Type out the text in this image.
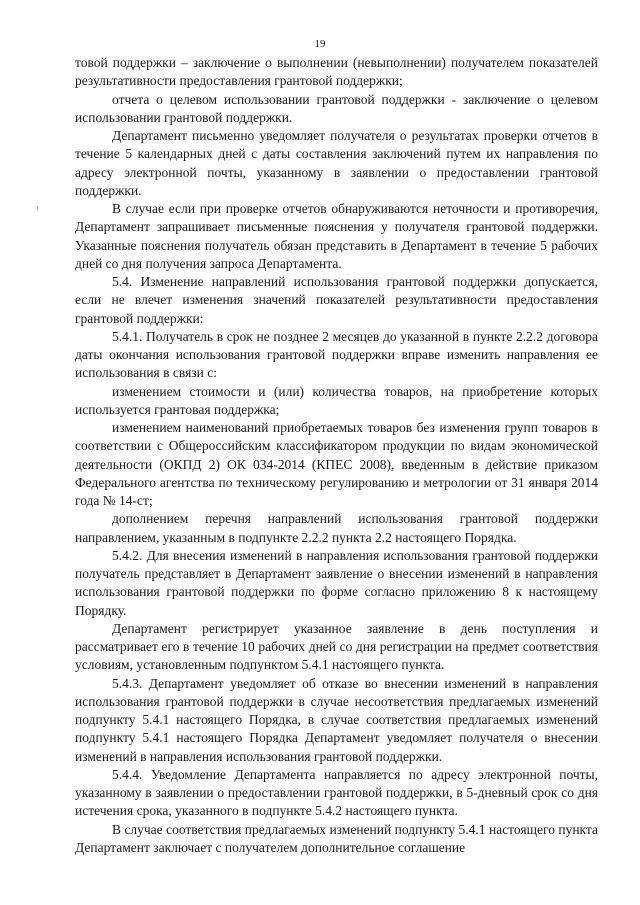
19

товой поддержки – заключение о выполнении (невыполнении) получателем показателей результативности предоставления грантовой поддержки;

отчета о целевом использовании грантовой поддержки - заключение о целевом использовании грантовой поддержки.

Департамент письменно уведомляет получателя о результатах проверки отчетов в течение 5 календарных дней с даты составления заключений путем их направления по адресу электронной почты, указанному в заявлении о предоставлении грантовой поддержки.

В случае если при проверке отчетов обнаруживаются неточности и противоречия, Департамент запрашивает письменные пояснения у получателя грантовой поддержки. Указанные пояснения получатель обязан представить в Департамент в течение 5 рабочих дней со дня получения запроса Департамента.

5.4. Изменение направлений использования грантовой поддержки допускается, если не влечет изменения значений показателей результативности предоставления грантовой поддержки:

5.4.1. Получатель в срок не позднее 2 месяцев до указанной в пункте 2.2.2 договора даты окончания использования грантовой поддержки вправе изменить направления ее использования в связи с:

изменением стоимости и (или) количества товаров, на приобретение которых используется грантовая поддержка;

изменением наименований приобретаемых товаров без изменения групп товаров в соответствии с Общероссийским классификатором продукции по видам экономической деятельности (ОКПД 2) ОК 034-2014 (КПЕС 2008), введенным в действие приказом Федерального агентства по техническому регулированию и метрологии от 31 января 2014 года № 14-ст;

дополнением перечня направлений использования грантовой поддержки направлением, указанным в подпункте 2.2.2 пункта 2.2 настоящего Порядка.

5.4.2. Для внесения изменений в направления использования грантовой поддержки получатель представляет в Департамент заявление о внесении изменений в направления использования грантовой поддержки по форме согласно приложению 8 к настоящему Порядку.

Департамент регистрирует указанное заявление в день поступления и рассматривает его в течение 10 рабочих дней со дня регистрации на предмет соответствия условиям, установленным подпунктом 5.4.1 настоящего пункта.

5.4.3. Департамент уведомляет об отказе во внесении изменений в направления использования грантовой поддержки в случае несоответствия предлагаемых изменений подпункту 5.4.1 настоящего Порядка, в случае соответствия предлагаемых изменений подпункту 5.4.1 настоящего Порядка Департамент уведомляет получателя о внесении изменений в направления использования грантовой поддержки.

5.4.4. Уведомление Департамента направляется по адресу электронной почты, указанному в заявлении о предоставлении грантовой поддержки, в 5-дневный срок со дня истечения срока, указанного в подпункте 5.4.2 настоящего пункта.

В случае соответствия предлагаемых изменений подпункту 5.4.1 настоящего пункта Департамент заключает с получателем дополнительное соглашение
